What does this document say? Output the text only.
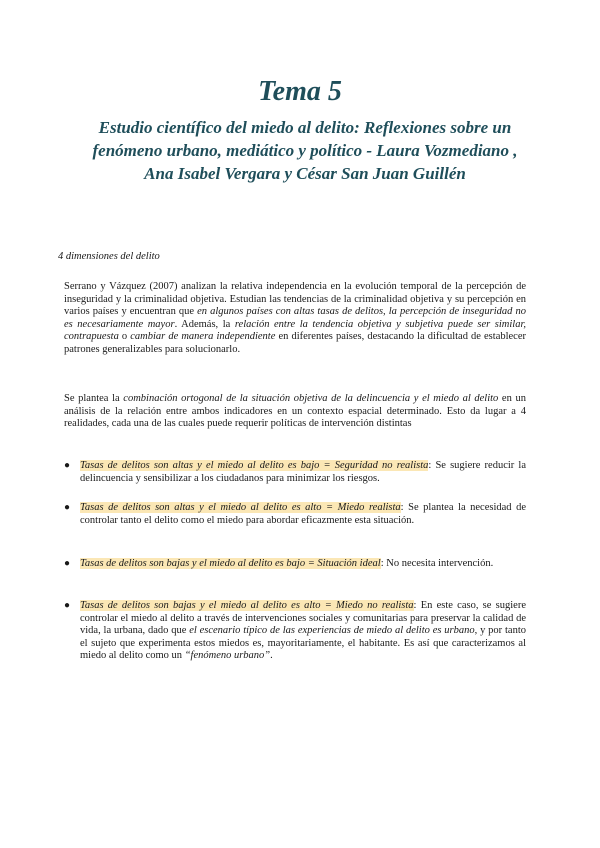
Tema 5
Estudio científico del miedo al delito: Reflexiones sobre un
fenómeno urbano, mediático y político - Laura Vozmediano ,
Ana Isabel Vergara y César San Juan Guillén

4 dimensiones del delito

Serrano y Vázquez (2007) analizan la relativa independencia en la evolución temporal de la percepción de inseguridad y la criminalidad objetiva. Estudian las tendencias de la criminalidad objetiva y su percepción en varios países y encuentran que en algunos países con altas tasas de delitos, la percepción de inseguridad no es necesariamente mayor. Además, la relación entre la tendencia objetiva y subjetiva puede ser similar, contrapuesta o cambiar de manera independiente en diferentes países, destacando la dificultad de establecer patrones generalizables para solucionarlo.

Se plantea la combinación ortogonal de la situación objetiva de la delincuencia y el miedo al delito en un análisis de la relación entre ambos indicadores en un contexto espacial determinado. Esto da lugar a 4 realidades, cada una de las cuales puede requerir políticas de intervención distintas

● Tasas de delitos son altas y el miedo al delito es bajo = Seguridad no realista: Se sugiere reducir la delincuencia y sensibilizar a los ciudadanos para minimizar los riesgos.
● Tasas de delitos son altas y el miedo al delito es alto = Miedo realista: Se plantea la necesidad de controlar tanto el delito como el miedo para abordar eficazmente esta situación.
● Tasas de delitos son bajas y el miedo al delito es bajo = Situación ideal: No necesita intervención.
● Tasas de delitos son bajas y el miedo al delito es alto = Miedo no realista: En este caso, se sugiere controlar el miedo al delito a través de intervenciones sociales y comunitarias para preservar la calidad de vida, la urbana, dado que el escenario típico de las experiencias de miedo al delito es urbano, y por tanto el sujeto que experimenta estos miedos es, mayoritariamente, el habitante. Es así que caracterizamos al miedo al delito como un “fenómeno urbano”.
